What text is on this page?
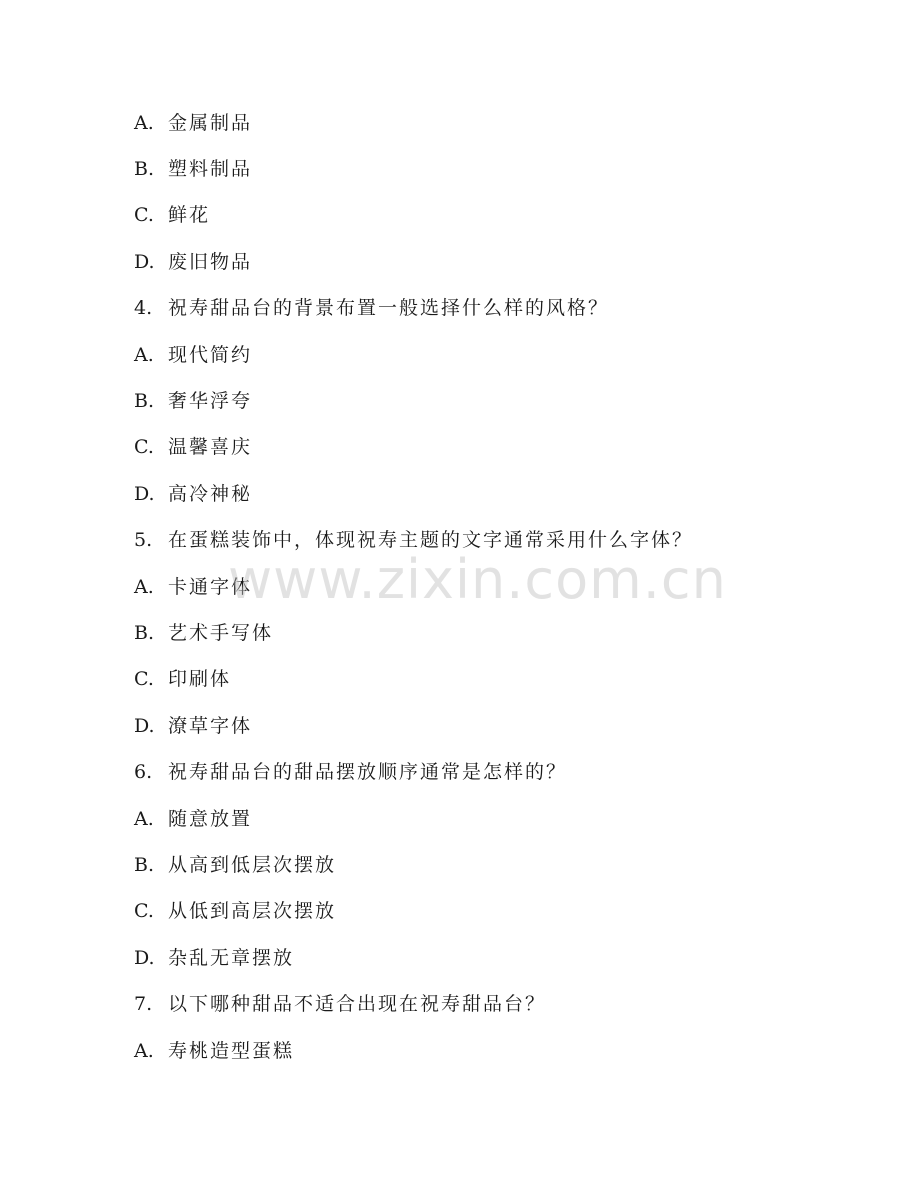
A. 金属制品
B. 塑料制品
C. 鲜花
D. 废旧物品
4. 祝寿甜品台的背景布置一般选择什么样的风格？
A. 现代简约
B. 奢华浮夸
C. 温馨喜庆
D. 高冷神秘
5. 在蛋糕装饰中，体现祝寿主题的文字通常采用什么字体？
A. 卡通字体
B. 艺术手写体
C. 印刷体
D. 潦草字体
6. 祝寿甜品台的甜品摆放顺序通常是怎样的？
A. 随意放置
B. 从高到低层次摆放
C. 从低到高层次摆放
D. 杂乱无章摆放
7. 以下哪种甜品不适合出现在祝寿甜品台？
A. 寿桃造型蛋糕
www.zixin.com.cn
